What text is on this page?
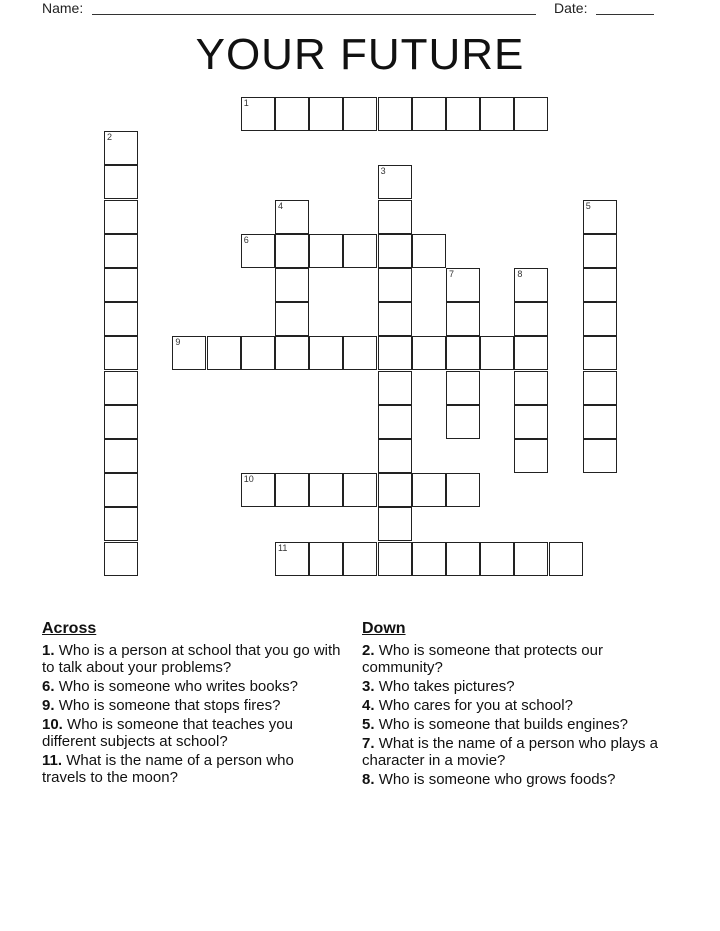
Name:	Date:
YOUR FUTURE
1
2
3
4	5
6
7	8
9
10
11
Across
1. Who is a person at school that you go with to talk about your problems?
6. Who is someone who writes books?
9. Who is someone that stops fires?
10. Who is someone that teaches you different subjects at school?
11. What is the name of a person who travels to the moon?
Down
2. Who is someone that protects our community?
3. Who takes pictures?
4. Who cares for you at school?
5. Who is someone that builds engines?
7. What is the name of a person who plays a character in a movie?
8. Who is someone who grows foods?
